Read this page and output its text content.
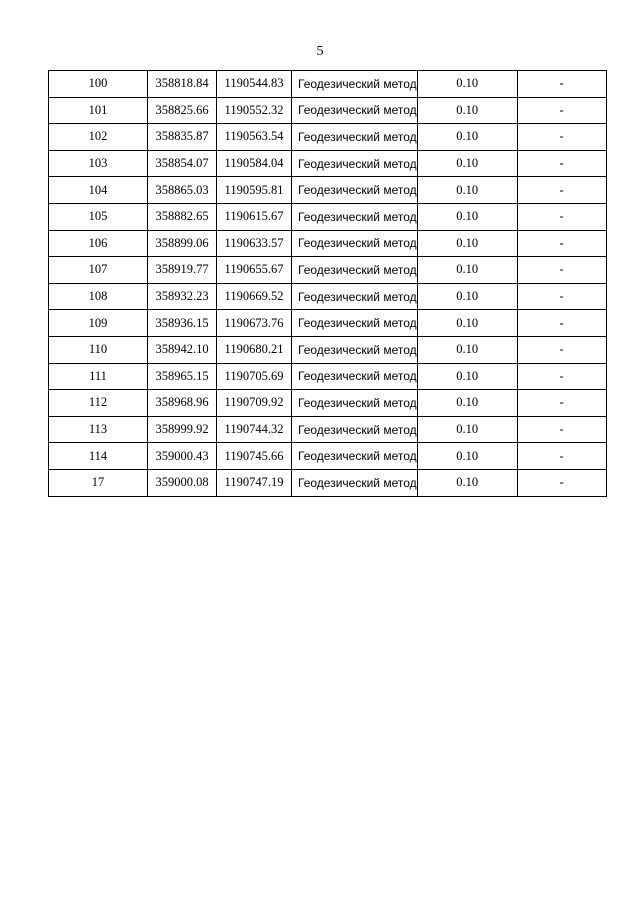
5
100	358818.84	1190544.83	Геодезический метод	0.10	-
101	358825.66	1190552.32	Геодезический метод	0.10	-
102	358835.87	1190563.54	Геодезический метод	0.10	-
103	358854.07	1190584.04	Геодезический метод	0.10	-
104	358865.03	1190595.81	Геодезический метод	0.10	-
105	358882.65	1190615.67	Геодезический метод	0.10	-
106	358899.06	1190633.57	Геодезический метод	0.10	-
107	358919.77	1190655.67	Геодезический метод	0.10	-
108	358932.23	1190669.52	Геодезический метод	0.10	-
109	358936.15	1190673.76	Геодезический метод	0.10	-
110	358942.10	1190680.21	Геодезический метод	0.10	-
111	358965.15	1190705.69	Геодезический метод	0.10	-
112	358968.96	1190709.92	Геодезический метод	0.10	-
113	358999.92	1190744.32	Геодезический метод	0.10	-
114	359000.43	1190745.66	Геодезический метод	0.10	-
17	359000.08	1190747.19	Геодезический метод	0.10	-
